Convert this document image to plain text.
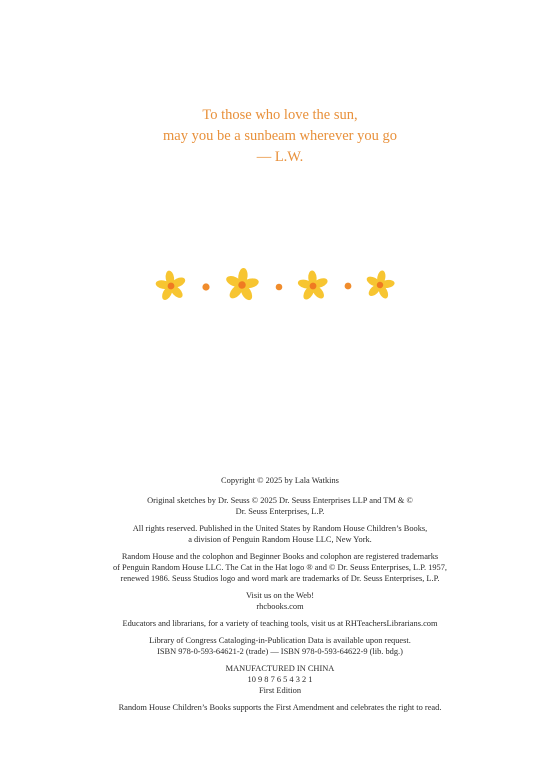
To those who love the sun,
may you be a sunbeam wherever you go
— L.W.

Copyright © 2025 by Lala Watkins

Original sketches by Dr. Seuss © 2025 Dr. Seuss Enterprises LLP and TM & ©
Dr. Seuss Enterprises, L.P.

All rights reserved. Published in the United States by Random House Children’s Books,
a division of Penguin Random House LLC, New York.

Random House and the colophon and Beginner Books and colophon are registered trademarks
of Penguin Random House LLC. The Cat in the Hat logo ® and © Dr. Seuss Enterprises, L.P. 1957,
renewed 1986. Seuss Studios logo and word mark are trademarks of Dr. Seuss Enterprises, L.P.

Visit us on the Web!
rhcbooks.com

Educators and librarians, for a variety of teaching tools, visit us at RHTeachersLibrarians.com

Library of Congress Cataloging-in-Publication Data is available upon request.
ISBN 978-0-593-64621-2 (trade) — ISBN 978-0-593-64622-9 (lib. bdg.)

MANUFACTURED IN CHINA
10 9 8 7 6 5 4 3 2 1
First Edition

Random House Children’s Books supports the First Amendment and celebrates the right to read.
